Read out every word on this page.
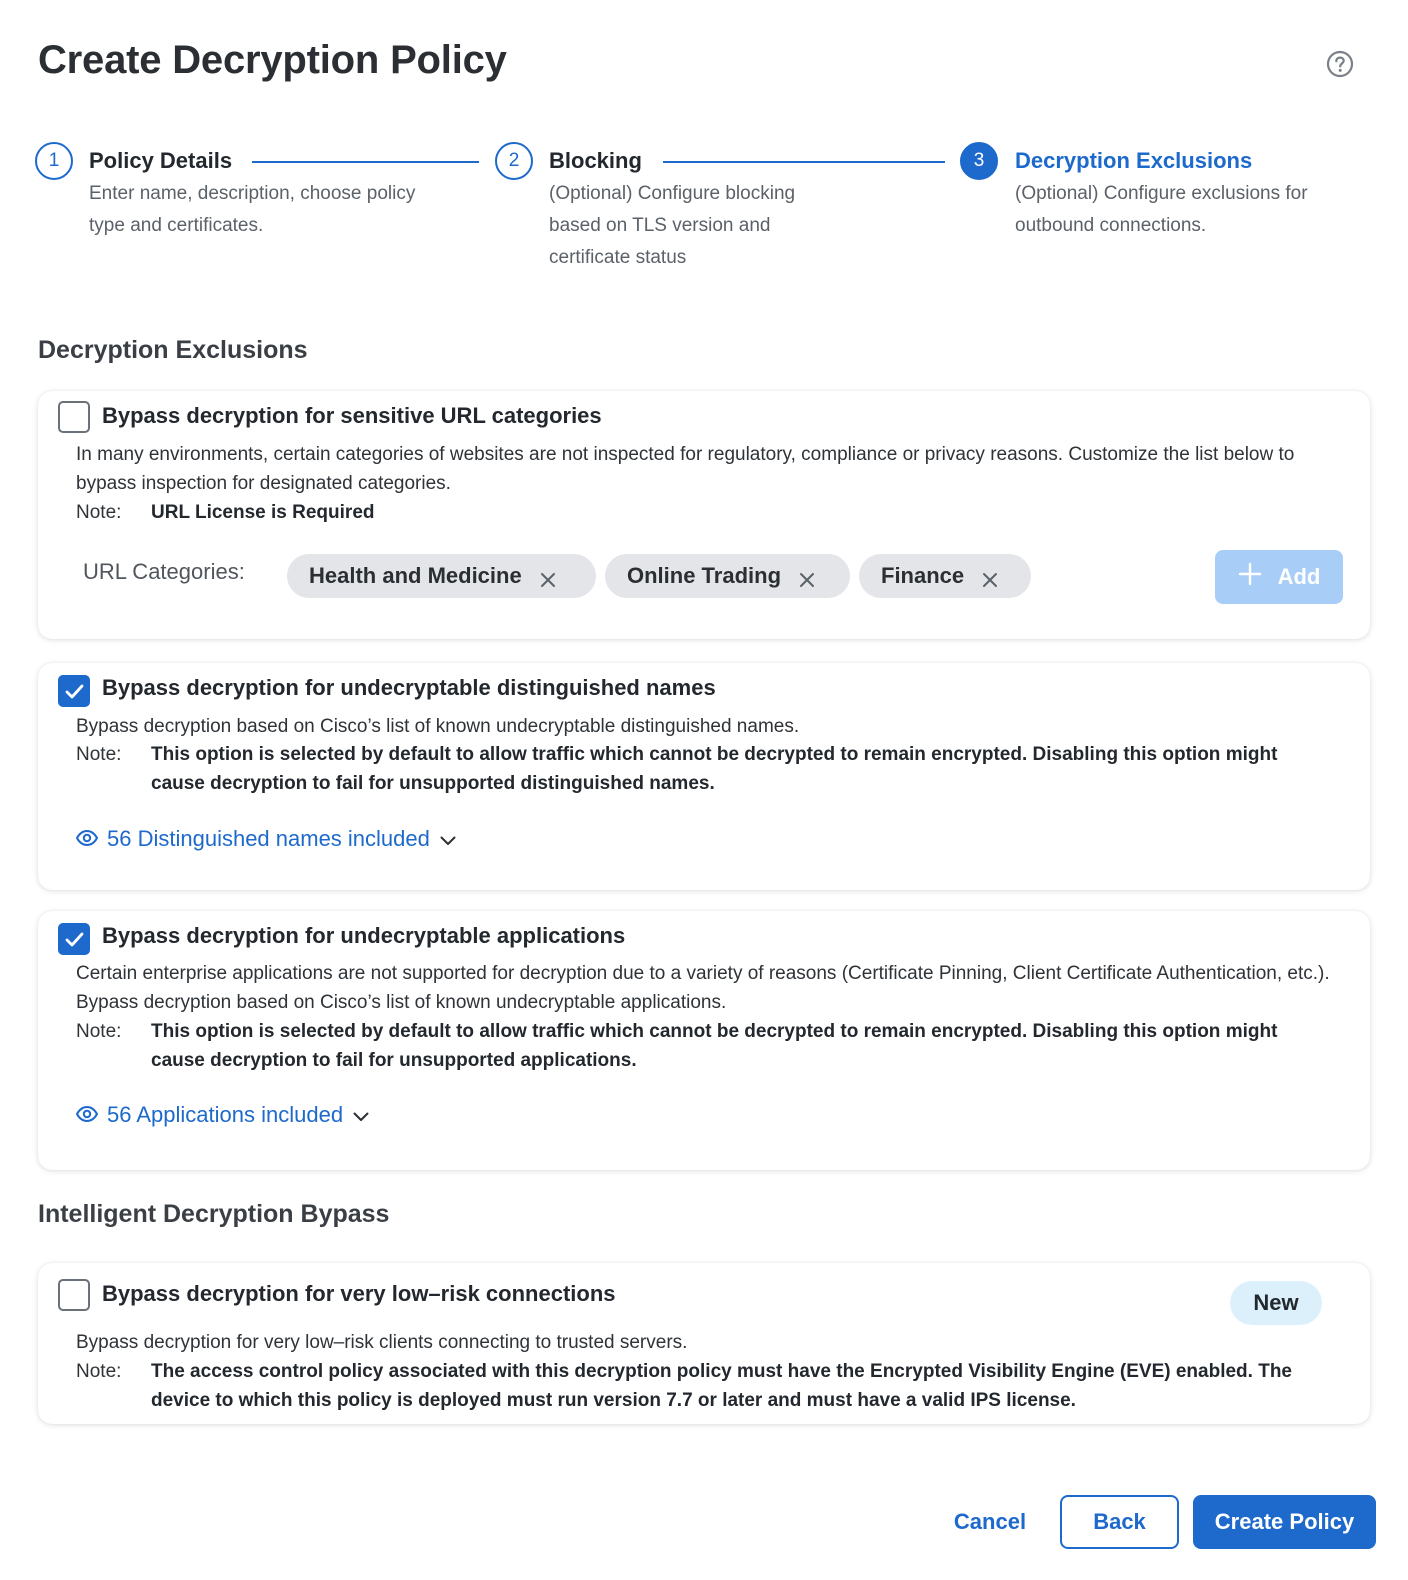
Create Decryption Policy
1	Policy Details
Enter name, description, choose policy type and certificates.
2	Blocking
(Optional) Configure blocking based on TLS version and certificate status
3	Decryption Exclusions
(Optional) Configure exclusions for outbound connections.
Decryption Exclusions
Bypass decryption for sensitive URL categories
In many environments, certain categories of websites are not inspected for regulatory, compliance or privacy reasons. Customize the list below to bypass inspection for designated categories.
Note: URL License is Required
URL Categories:	Health and Medicine	Online Trading	Finance	Add
Bypass decryption for undecryptable distinguished names
Bypass decryption based on Cisco’s list of known undecryptable distinguished names.
Note: This option is selected by default to allow traffic which cannot be decrypted to remain encrypted. Disabling this option might cause decryption to fail for unsupported distinguished names.
56 Distinguished names included
Bypass decryption for undecryptable applications
Certain enterprise applications are not supported for decryption due to a variety of reasons (Certificate Pinning, Client Certificate Authentication, etc.). Bypass decryption based on Cisco’s list of known undecryptable applications.
Note: This option is selected by default to allow traffic which cannot be decrypted to remain encrypted. Disabling this option might cause decryption to fail for unsupported applications.
56 Applications included
Intelligent Decryption Bypass
Bypass decryption for very low–risk connections	New
Bypass decryption for very low–risk clients connecting to trusted servers.
Note: The access control policy associated with this decryption policy must have the Encrypted Visibility Engine (EVE) enabled. The device to which this policy is deployed must run version 7.7 or later and must have a valid IPS license.
Cancel	Back	Create Policy
